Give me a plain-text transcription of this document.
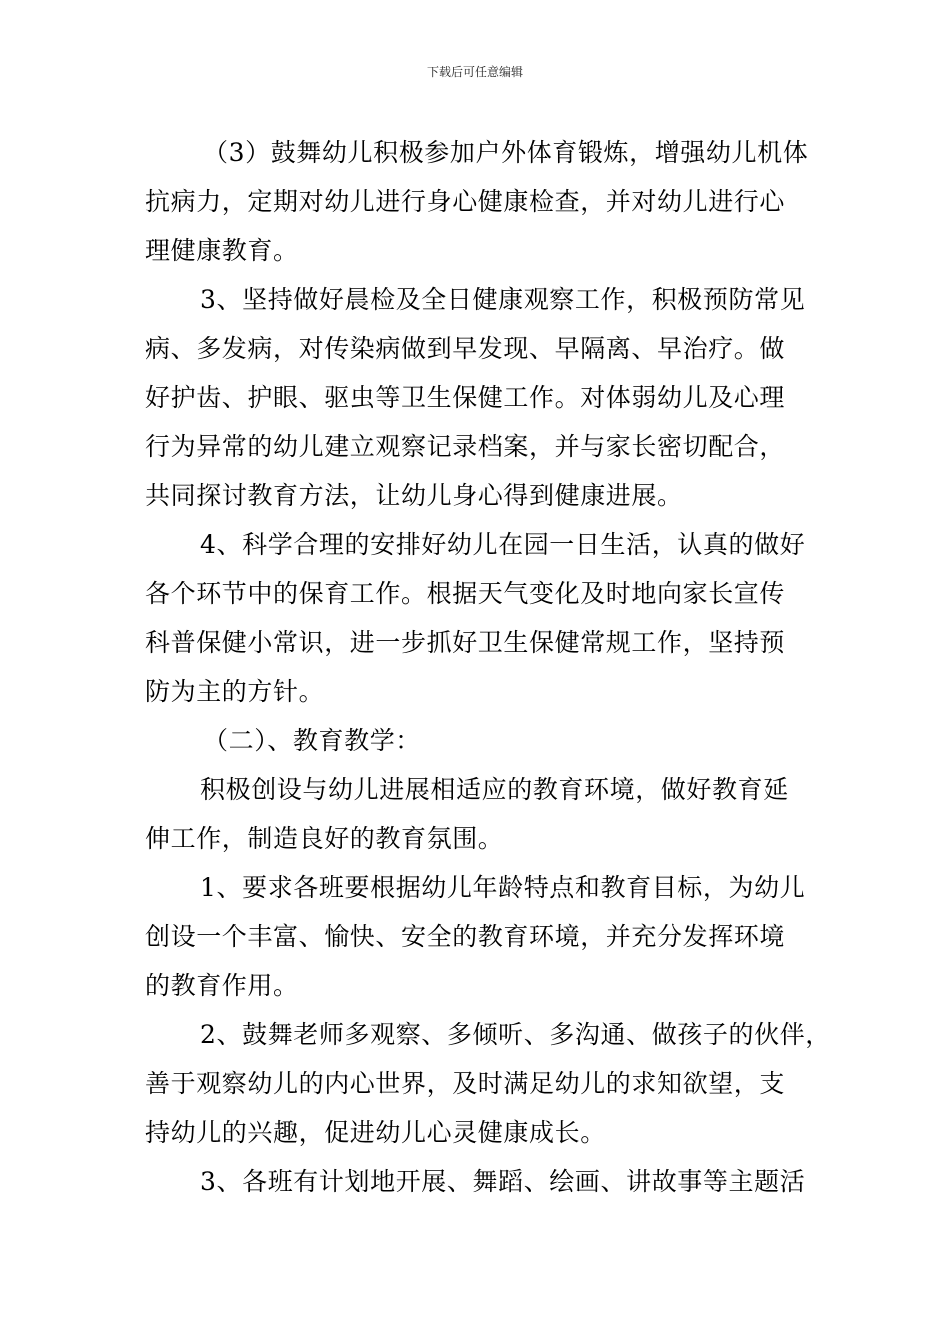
下载后可任意编辑
（3）鼓舞幼儿积极参加户外体育锻炼，增强幼儿机体
抗病力，定期对幼儿进行身心健康检查，并对幼儿进行心
理健康教育。
3、坚持做好晨检及全日健康观察工作，积极预防常见
病、多发病，对传染病做到早发现、早隔离、早治疗。做
好护齿、护眼、驱虫等卫生保健工作。对体弱幼儿及心理
行为异常的幼儿建立观察记录档案，并与家长密切配合，
共同探讨教育方法，让幼儿身心得到健康进展。
4、科学合理的安排好幼儿在园一日生活，认真的做好
各个环节中的保育工作。根据天气变化及时地向家长宣传
科普保健小常识，进一步抓好卫生保健常规工作，坚持预
防为主的方针。
（二）、教育教学：
积极创设与幼儿进展相适应的教育环境，做好教育延
伸工作，制造良好的教育氛围。
1、要求各班要根据幼儿年龄特点和教育目标，为幼儿
创设一个丰富、愉快、安全的教育环境，并充分发挥环境
的教育作用。
2、鼓舞老师多观察、多倾听、多沟通、做孩子的伙伴，
善于观察幼儿的内心世界，及时满足幼儿的求知欲望，支
持幼儿的兴趣，促进幼儿心灵健康成长。
3、各班有计划地开展、舞蹈、绘画、讲故事等主题活
